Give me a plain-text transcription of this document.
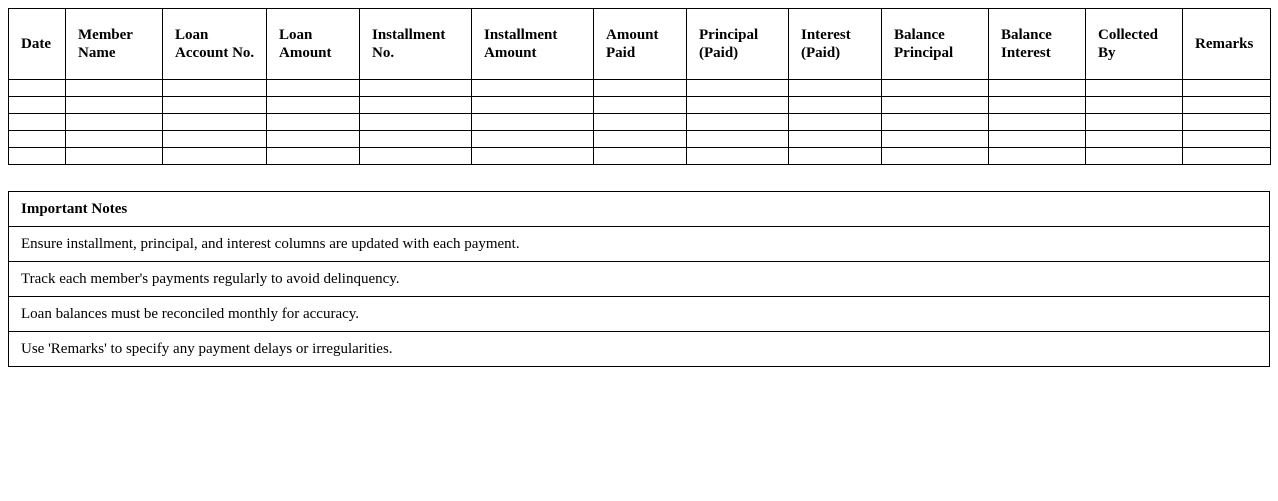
Date	Member Name	Loan Account No.	Loan Amount	Installment No.	Installment Amount	Amount Paid	Principal (Paid)	Interest (Paid)	Balance Principal	Balance Interest	Collected By	Remarks

Important Notes
Ensure installment, principal, and interest columns are updated with each payment.
Track each member's payments regularly to avoid delinquency.
Loan balances must be reconciled monthly for accuracy.
Use 'Remarks' to specify any payment delays or irregularities.
